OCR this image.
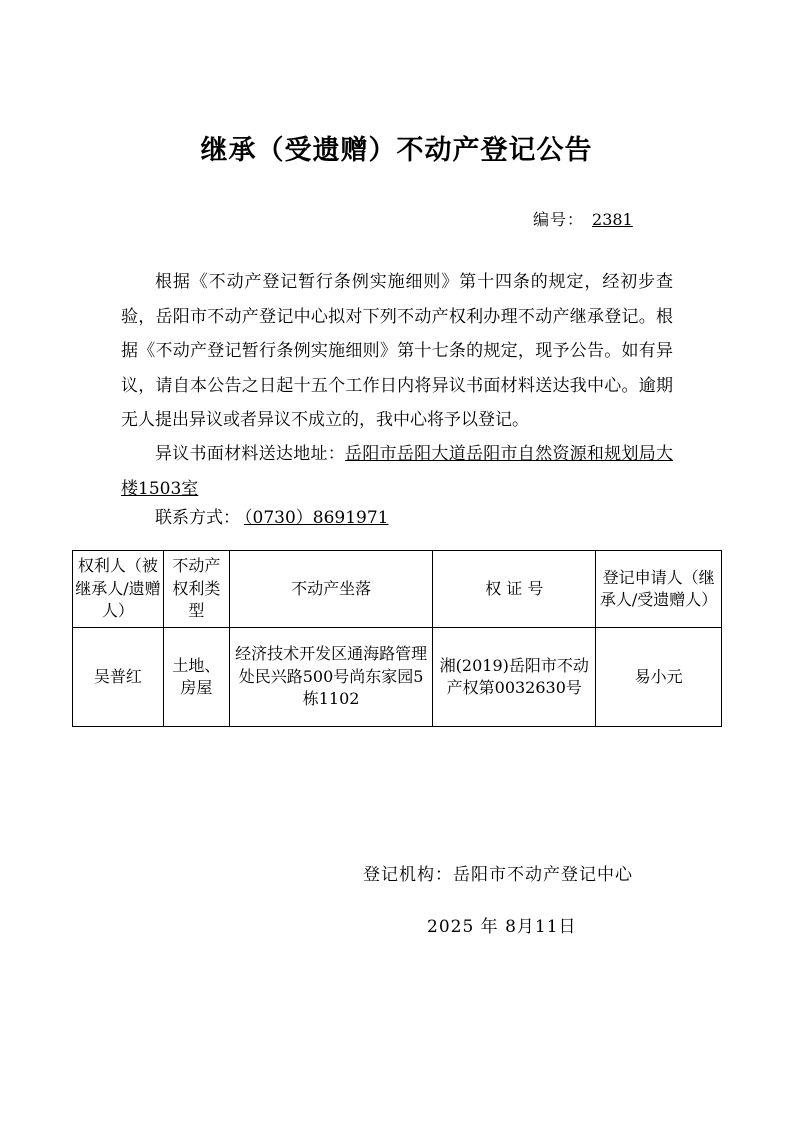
继承（受遗赠）不动产登记公告
编号： 2381
根据《不动产登记暂行条例实施细则》第十四条的规定，经初步查验，岳阳市不动产登记中心拟对下列不动产权利办理不动产继承登记。根据《不动产登记暂行条例实施细则》第十七条的规定，现予公告。如有异议，请自本公告之日起十五个工作日内将异议书面材料送达我中心。逾期无人提出异议或者异议不成立的，我中心将予以登记。
异议书面材料送达地址：岳阳市岳阳大道岳阳市自然资源和规划局大楼1503室
联系方式： （0730）8691971
权利人（被继承人/遗赠人）	不动产权利类型	不动产坐落	权 证 号	登记申请人（继承人/受遗赠人）
吴普红	土地、房屋	经济技术开发区通海路管理处民兴路500号尚东家园5栋1102	湘(2019)岳阳市不动产权第0032630号	易小元
登记机构：岳阳市不动产登记中心
2025 年 8月11日
